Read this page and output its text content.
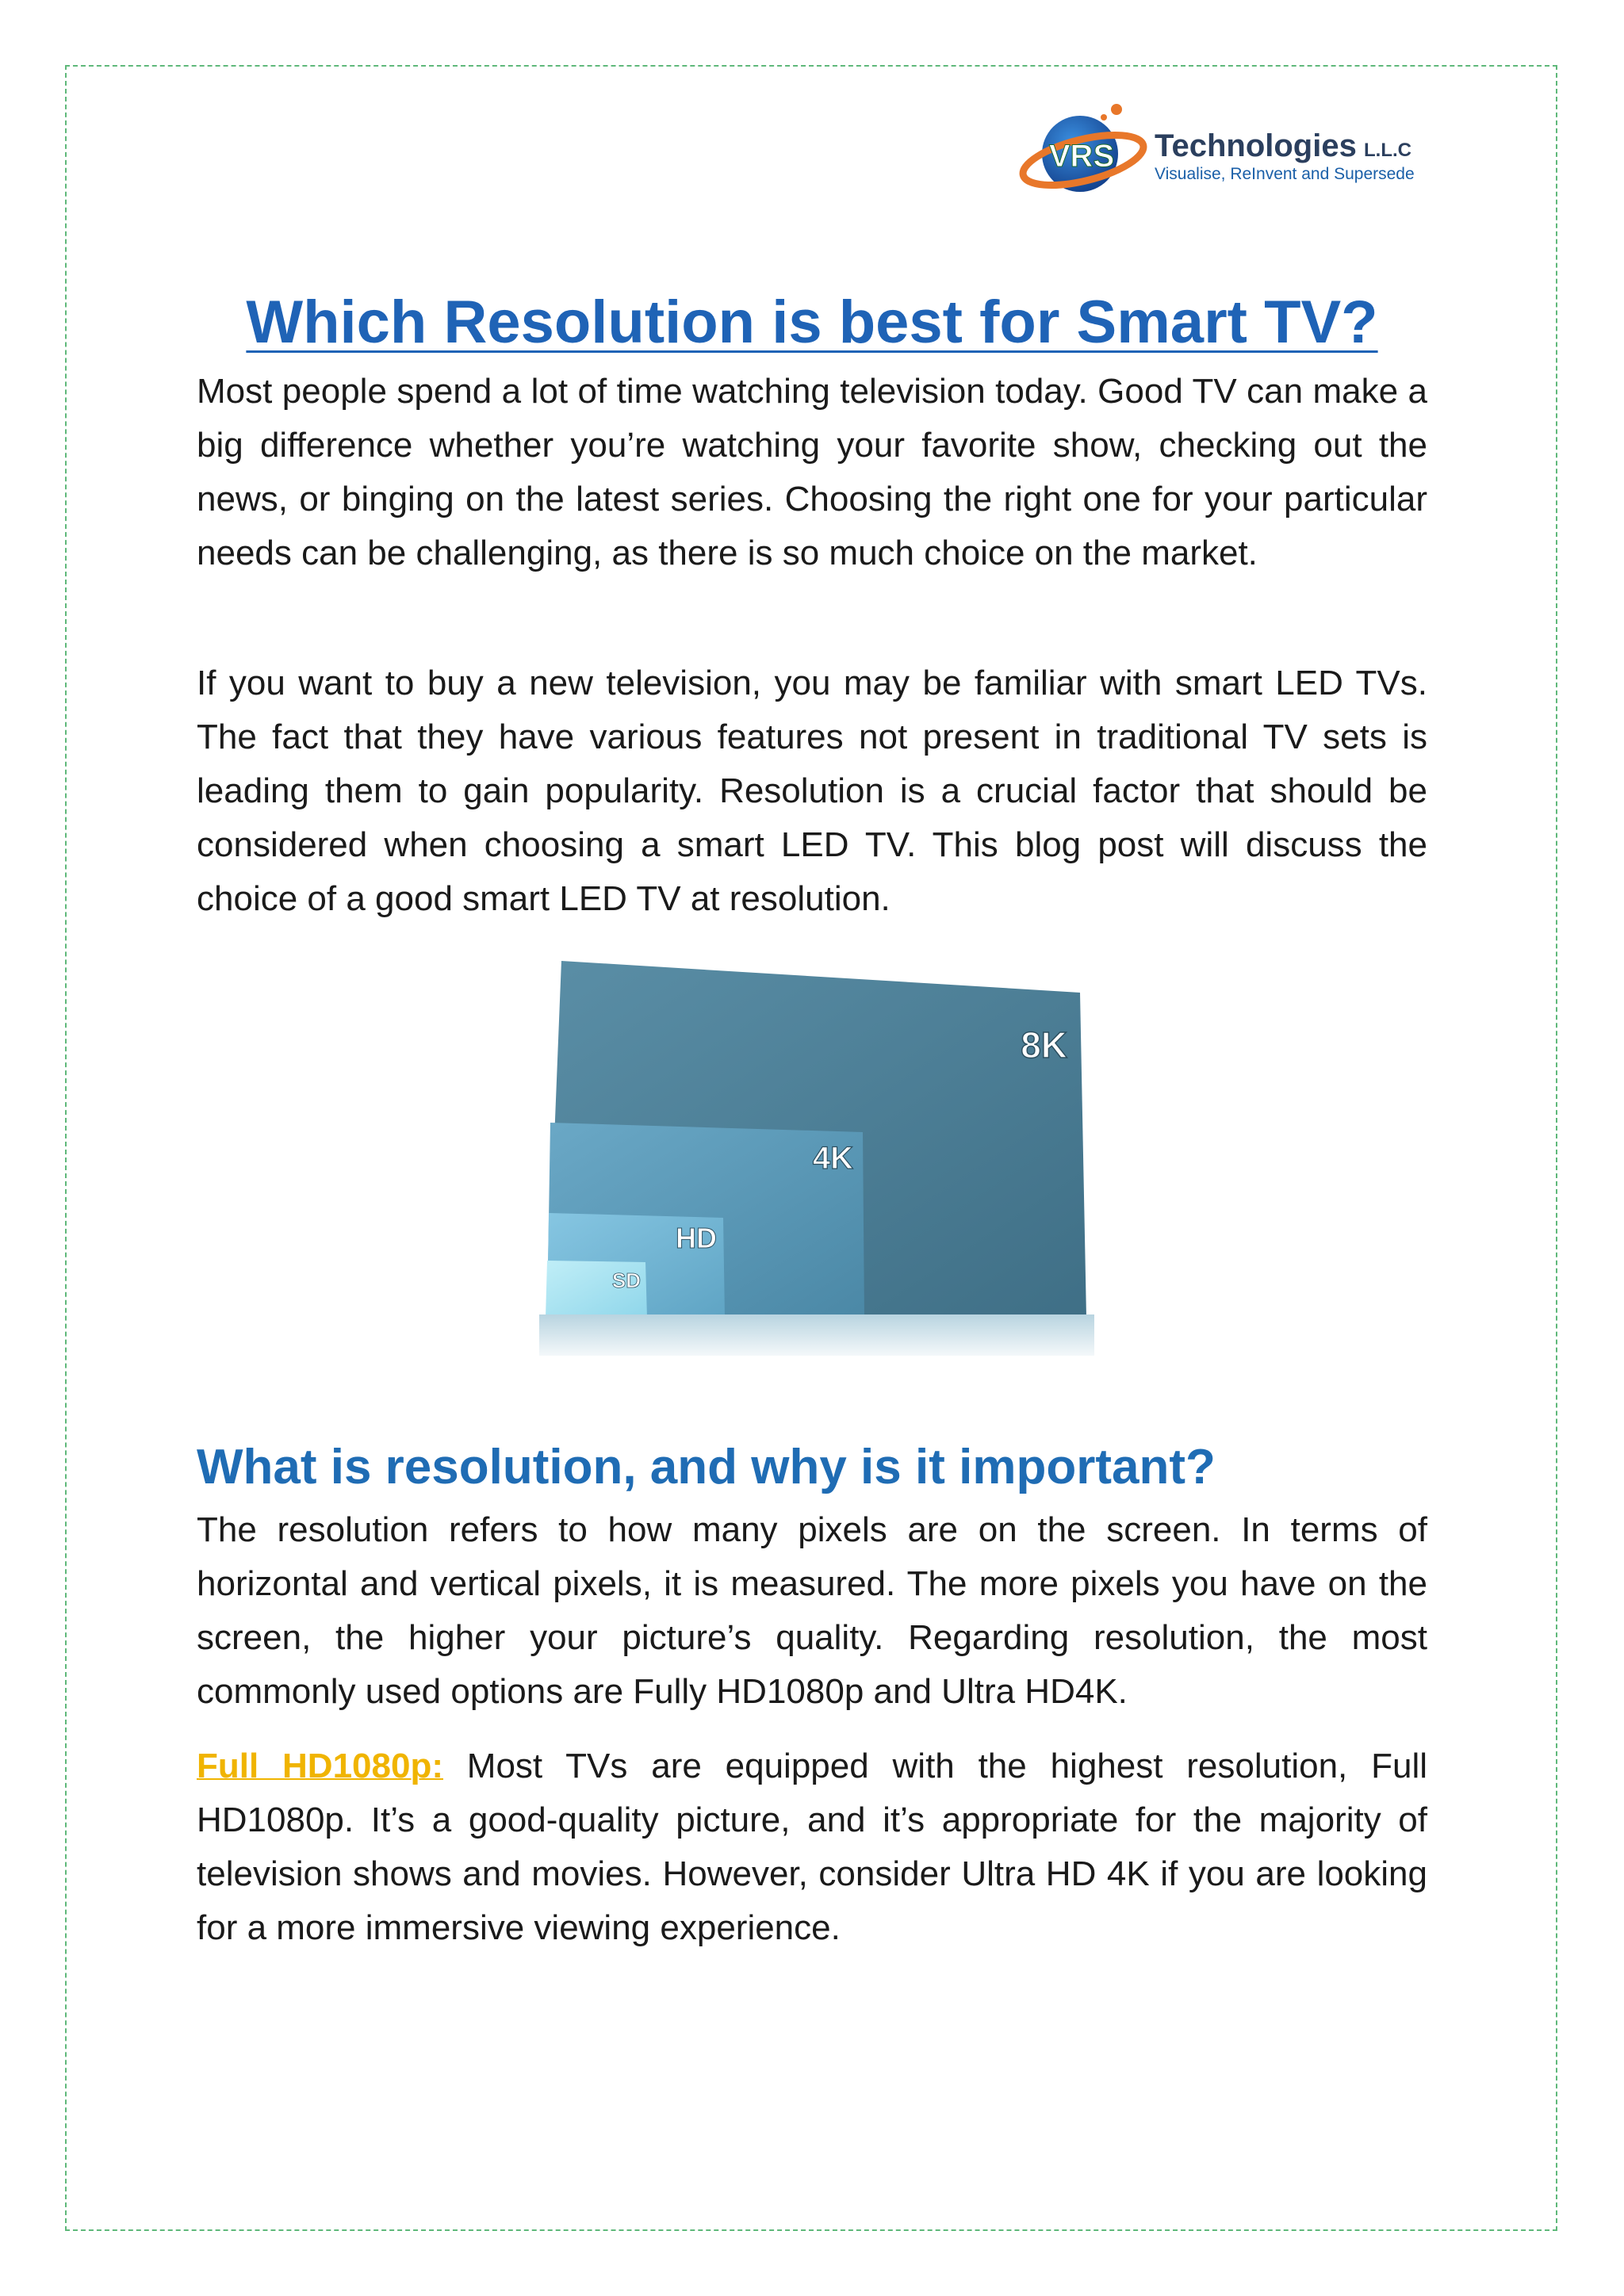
VRS Technologies L.L.C
Visualise, ReInvent and Supersede
Which Resolution is best for Smart TV?

Most people spend a lot of time watching television today. Good TV can make a big difference whether you’re watching your favorite show, checking out the news, or binging on the latest series. Choosing the right one for your particular needs can be challenging, as there is so much choice on the market.

If you want to buy a new television, you may be familiar with smart LED TVs. The fact that they have various features not present in traditional TV sets is leading them to gain popularity. Resolution is a crucial factor that should be considered when choosing a smart LED TV. This blog post will discuss the choice of a good smart LED TV at resolution.

8K
4K
HD
SD
What is resolution, and why is it important?

The resolution refers to how many pixels are on the screen. In terms of horizontal and vertical pixels, it is measured. The more pixels you have on the screen, the higher your picture’s quality. Regarding resolution, the most commonly used options are Fully HD1080p and Ultra HD4K.

Full HD1080p: Most TVs are equipped with the highest resolution, Full HD1080p. It’s a good-quality picture, and it’s appropriate for the majority of television shows and movies. However, consider Ultra HD 4K if you are looking for a more immersive viewing experience.
